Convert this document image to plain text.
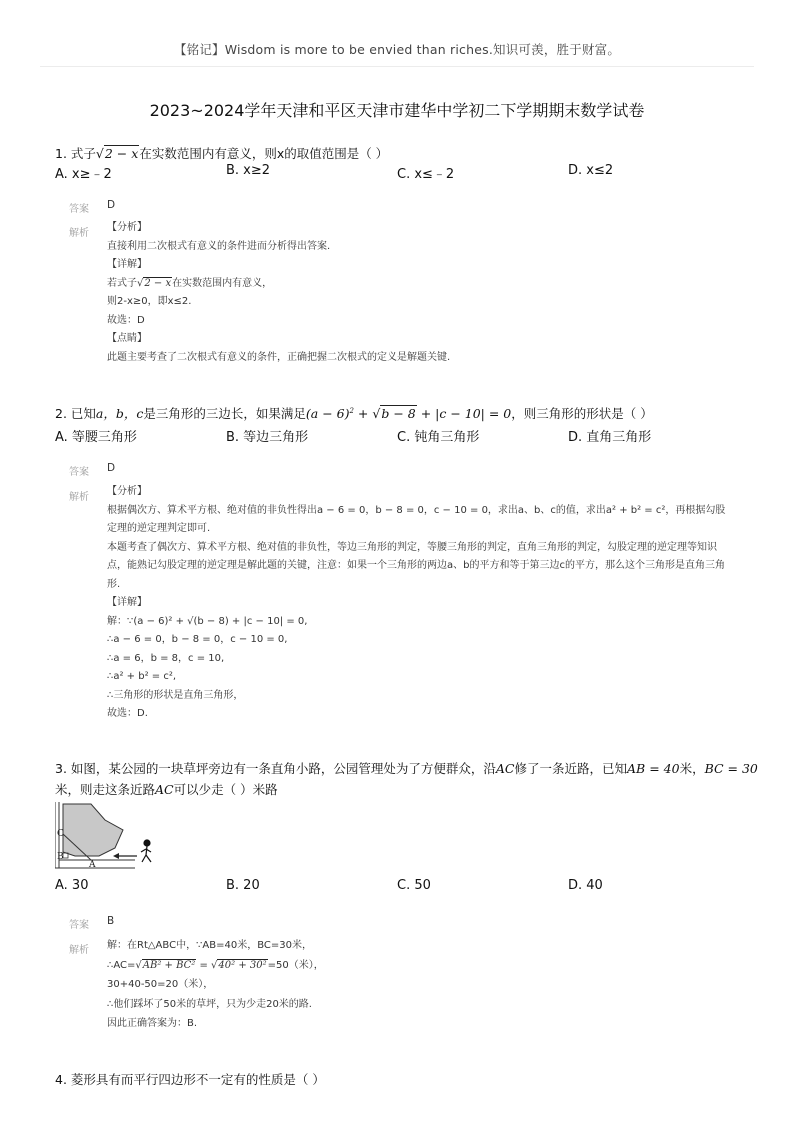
【铭记】Wisdom is more to be envied than riches.知识可羡，胜于财富。
2023~2024学年天津和平区天津市建华中学初二下学期期末数学试卷
1. 式子√2 − x在实数范围内有意义，则x的取值范围是（ ）
A. x≥﹣2	B. x≥2	C. x≤﹣2	D. x≤2
答案 D
解析
【分析】
直接利用二次根式有意义的条件进而分析得出答案.
【详解】
若式子√2 − x在实数范围内有意义，
则2-x≥0，即x≤2.
故选：D
【点睛】
此题主要考查了二次根式有意义的条件，正确把握二次根式的定义是解题关键.
2. 已知a，b，c是三角形的三边长，如果满足$(a - 6)^2 + √b - 8 + |c - 10| = 0$，则三角形的形状是（ ）
A. 等腰三角形	B. 等边三角形	C. 钝角三角形	D. 直角三角形
答案 D
解析
【分析】
根据偶次方、算术平方根、绝对值的非负性得出a − 6 = 0，b − 8 = 0，c − 10 = 0，求出a、b、c的值，求出a² + b² = c²，再根据勾股定理的逆定理判定即可.
本题考查了偶次方、算术平方根、绝对值的非负性，等边三角形的判定，等腰三角形的判定，直角三角形的判定，勾股定理的逆定理等知识点，能熟记勾股定理的逆定理是解此题的关键，注意：如果一个三角形的两边a、b的平方和等于第三边c的平方，那么这个三角形是直角三角形.
【详解】
解：∵(a − 6)² + √(b − 8) + |c − 10| = 0,
∴a − 6 = 0，b − 8 = 0，c − 10 = 0,
∴a = 6，b = 8，c = 10,
∴a² + b² = c²,
∴三角形的形状是直角三角形，
故选：D.
3. 如图，某公园的一块草坪旁边有一条直角小路，公园管理处为了方便群众，沿AC修了一条近路，已知AB = 40米，BC = 30
米，则走这条近路AC可以少走（ ）米路
C
B
A
A. 30	B. 20	C. 50	D. 40
答案 B
解析 解：在Rt△ABC中，∵AB=40米，BC=30米，
∴AC=√AB² + BC² = √40² + 30²=50（米），
30+40-50=20（米），
∴他们踩坏了50米的草坪，只为少走20米的路.
因此正确答案为：B.
4. 菱形具有而平行四边形不一定有的性质是（ ）
